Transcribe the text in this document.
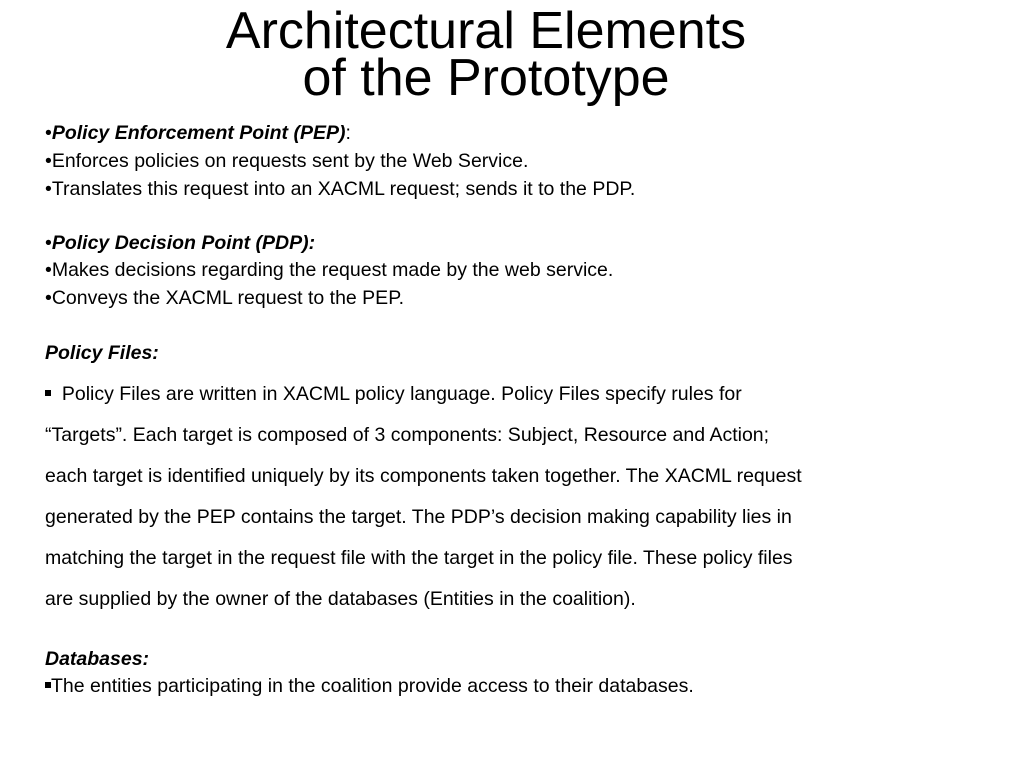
Architectural Elements
of the Prototype
•Policy Enforcement Point (PEP):
•Enforces policies on requests sent by the Web Service.
•Translates this request into an XACML request; sends it to the PDP.
•Policy Decision Point (PDP):
•Makes decisions regarding the request made by the web service.
•Conveys the XACML request to the PEP.
Policy Files:
Policy Files are written in XACML policy language. Policy Files specify rules for
“Targets”. Each target is composed of 3 components: Subject, Resource and Action;
each target is identified uniquely by its components taken together. The XACML request
generated by the PEP contains the target. The PDP’s decision making capability lies in
matching the target in the request file with the target in the policy file. These policy files
are supplied by the owner of the databases (Entities in the coalition).
Databases:
The entities participating in the coalition provide access to their databases.
